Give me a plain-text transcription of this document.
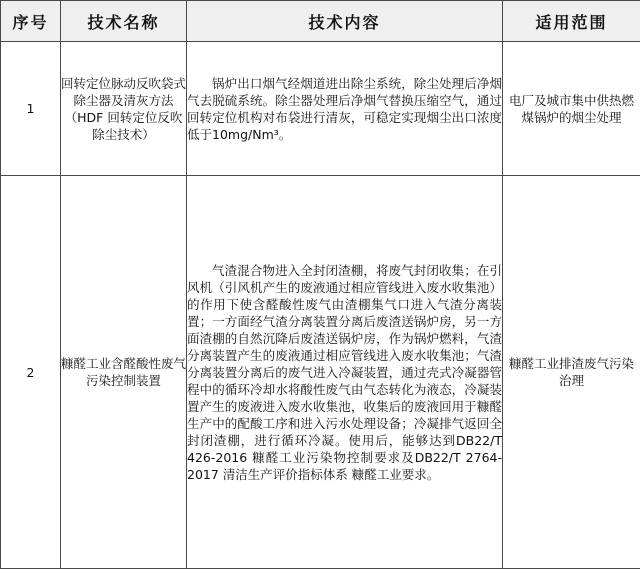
序号	技术名称	技术内容	适用范围
1	回转定位脉动反吹袋式除尘器及清灰方法（HDF 回转定位反吹除尘技术）	锅炉出口烟气经烟道进出除尘系统，除尘处理后净烟气去脱硫系统。除尘器处理后净烟气替换压缩空气，通过回转定位机构对布袋进行清灰，可稳定实现烟尘出口浓度低于10mg/Nm³。	电厂及城市集中供热燃煤锅炉的烟尘处理

2	糠醛工业含醛酸性废气污染控制装置	气渣混合物进入全封闭渣棚，将废气封闭收集；在引风机（引风机产生的废液通过相应管线进入废水收集池）的作用下使含醛酸性废气由渣棚集气口进入气渣分离装置；一方面经气渣分离装置分离后废渣送锅炉房，另一方面渣棚的自然沉降后废渣送锅炉房，作为锅炉燃料，气渣分离装置产生的废液通过相应管线进入废水收集池；气渣分离装置分离后的废气进入冷凝装置，通过壳式冷凝器管程中的循环冷却水将酸性废气由气态转化为液态，冷凝装置产生的废液进入废水收集池，收集后的废液回用于糠醛生产中的配酸工序和进入污水处理设备；冷凝排气返回全封闭渣棚，进行循环冷凝。使用后，能够达到DB22/T 426-2016 糠醛工业污染物控制要求及DB22/T 2764-2017 清洁生产评价指标体系 糠醛工业要求。	糠醛工业排渣废气污染治理
